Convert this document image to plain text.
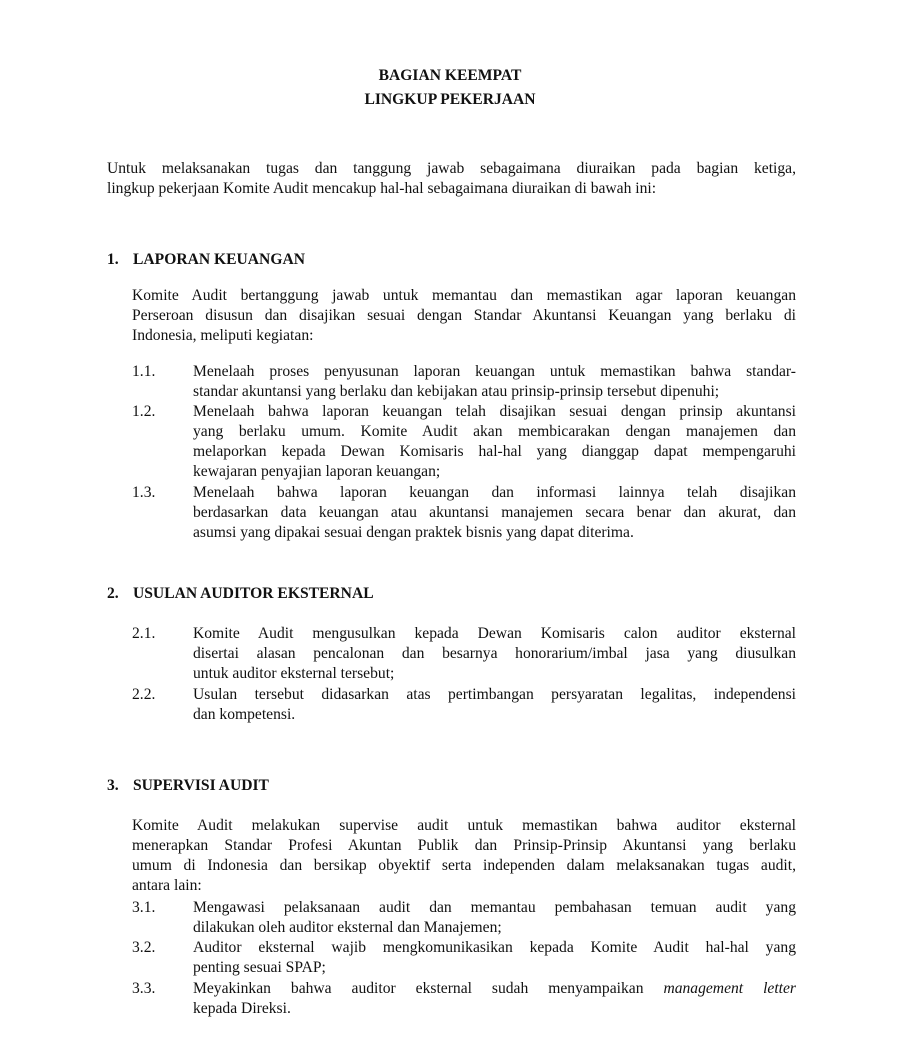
BAGIAN KEEMPAT
LINGKUP PEKERJAAN
Untuk melaksanakan tugas dan tanggung jawab sebagaimana diuraikan pada bagian ketiga,
lingkup pekerjaan Komite Audit mencakup hal-hal sebagaimana diuraikan di bawah ini:
1. LAPORAN KEUANGAN
Komite Audit bertanggung jawab untuk memantau dan memastikan agar laporan keuangan
Perseroan disusun dan disajikan sesuai dengan Standar Akuntansi Keuangan yang berlaku di
Indonesia, meliputi kegiatan:
1.1. Menelaah proses penyusunan laporan keuangan untuk memastikan bahwa standar-
standar akuntansi yang berlaku dan kebijakan atau prinsip-prinsip tersebut dipenuhi;
1.2. Menelaah bahwa laporan keuangan telah disajikan sesuai dengan prinsip akuntansi
yang berlaku umum. Komite Audit akan membicarakan dengan manajemen dan
melaporkan kepada Dewan Komisaris hal-hal yang dianggap dapat mempengaruhi
kewajaran penyajian laporan keuangan;
1.3. Menelaah bahwa laporan keuangan dan informasi lainnya telah disajikan
berdasarkan data keuangan atau akuntansi manajemen secara benar dan akurat, dan
asumsi yang dipakai sesuai dengan praktek bisnis yang dapat diterima.
2. USULAN AUDITOR EKSTERNAL
2.1. Komite Audit mengusulkan kepada Dewan Komisaris calon auditor eksternal
disertai alasan pencalonan dan besarnya honorarium/imbal jasa yang diusulkan
untuk auditor eksternal tersebut;
2.2. Usulan tersebut didasarkan atas pertimbangan persyaratan legalitas, independensi
dan kompetensi.
3. SUPERVISI AUDIT
Komite Audit melakukan supervise audit untuk memastikan bahwa auditor eksternal
menerapkan Standar Profesi Akuntan Publik dan Prinsip-Prinsip Akuntansi yang berlaku
umum di Indonesia dan bersikap obyektif serta independen dalam melaksanakan tugas audit,
antara lain:
3.1. Mengawasi pelaksanaan audit dan memantau pembahasan temuan audit yang
dilakukan oleh auditor eksternal dan Manajemen;
3.2. Auditor eksternal wajib mengkomunikasikan kepada Komite Audit hal-hal yang
penting sesuai SPAP;
3.3. Meyakinkan bahwa auditor eksternal sudah menyampaikan management letter
kepada Direksi.
